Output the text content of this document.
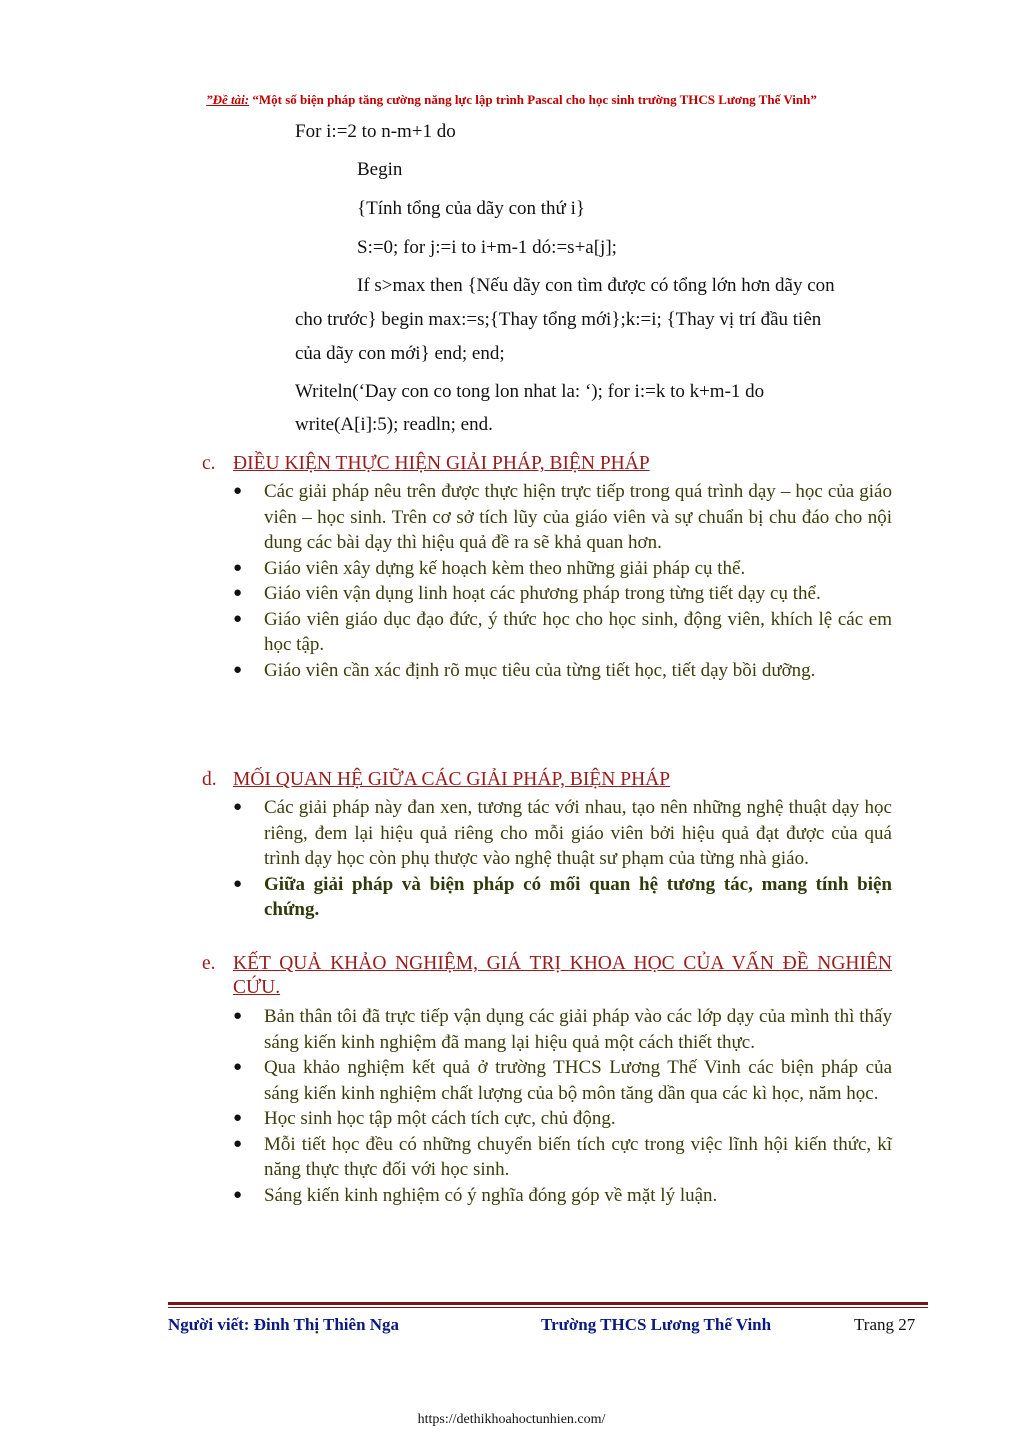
”Đề tài: “Một số biện pháp tăng cường năng lực lập trình Pascal cho học sinh trường THCS Lương Thế Vinh”
For i:=2 to n-m+1 do
Begin
{Tính tổng của dãy con thứ i}
S:=0; for j:=i to i+m-1 dó:=s+a[j];
If s>max then {Nếu dãy con tìm được có tổng lớn hơn dãy con
cho trước} begin max:=s;{Thay tổng mới};k:=i; {Thay vị trí đầu tiên
của dãy con mới} end; end;
Writeln(‘Day con co tong lon nhat la: ‘); for i:=k to k+m-1 do
write(A[i]:5); readln; end.
c. ĐIỀU KIỆN THỰC HIỆN GIẢI PHÁP, BIỆN PHÁP
● Các giải pháp nêu trên được thực hiện trực tiếp trong quá trình dạy – học của giáo viên – học sinh. Trên cơ sở tích lũy của giáo viên và sự chuẩn bị chu đáo cho nội dung các bài dạy thì hiệu quả đề ra sẽ khả quan hơn.
● Giáo viên xây dựng kế hoạch kèm theo những giải pháp cụ thể.
● Giáo viên vận dụng linh hoạt các phương pháp trong từng tiết dạy cụ thể.
● Giáo viên giáo dục đạo đức, ý thức học cho học sinh, động viên, khích lệ các em học tập.
● Giáo viên cần xác định rõ mục tiêu của từng tiết học, tiết dạy bồi dưỡng.
d. MỐI QUAN HỆ GIỮA CÁC GIẢI PHÁP, BIỆN PHÁP
● Các giải pháp này đan xen, tương tác với nhau, tạo nên những nghệ thuật dạy học riêng, đem lại hiệu quả riêng cho mỗi giáo viên bởi hiệu quả đạt được của quá trình dạy học còn phụ thược vào nghệ thuật sư phạm của từng nhà giáo.
● Giữa giải pháp và biện pháp có mối quan hệ tương tác, mang tính biện chứng.
e. KẾT QUẢ KHẢO NGHIỆM, GIÁ TRỊ KHOA HỌC CỦA VẤN ĐỀ NGHIÊN CỨU.
● Bản thân tôi đã trực tiếp vận dụng các giải pháp vào các lớp dạy của mình thì thấy sáng kiến kinh nghiệm đã mang lại hiệu quả một cách thiết thực.
● Qua khảo nghiệm kết quả ở trường THCS Lương Thế Vinh các biện pháp của sáng kiến kinh nghiệm chất lượng của bộ môn tăng dần qua các kì học, năm học.
● Học sinh học tập một cách tích cực, chủ động.
● Mỗi tiết học đều có những chuyển biến tích cực trong việc lĩnh hội kiến thức, kĩ năng thực thực đối với học sinh.
● Sáng kiến kinh nghiệm có ý nghĩa đóng góp về mặt lý luận.
Người viết: Đinh Thị Thiên Nga	Trường THCS Lương Thế Vinh	Trang 27
https://dethikhoahoctunhien.com/
